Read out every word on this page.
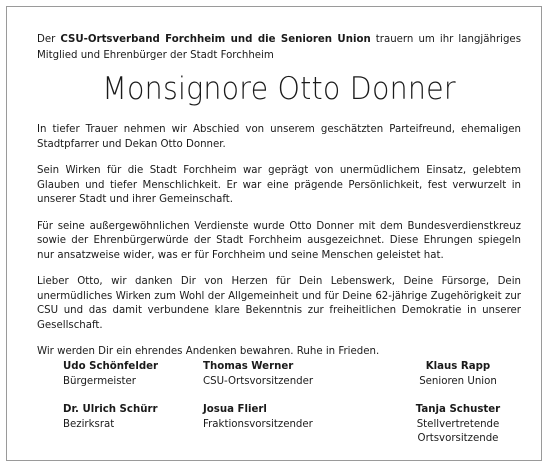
Der CSU-Ortsverband Forchheim und die Senioren Union trauern um ihr langjähriges Mitglied und Ehrenbürger der Stadt Forchheim
Monsignore Otto Donner

In tiefer Trauer nehmen wir Abschied von unserem geschätzten Parteifreund, ehemaligen Stadtpfarrer und Dekan Otto Donner.

Sein Wirken für die Stadt Forchheim war geprägt von unermüdlichem Einsatz, gelebtem Glauben und tiefer Menschlichkeit. Er war eine prägende Persönlichkeit, fest verwurzelt in unserer Stadt und ihrer Gemeinschaft.

Für seine außergewöhnlichen Verdienste wurde Otto Donner mit dem Bundesverdienstkreuz sowie der Ehrenbürgerwürde der Stadt Forchheim ausgezeichnet. Diese Ehrungen spiegeln nur ansatzweise wider, was er für Forchheim und seine Menschen geleistet hat.

Lieber Otto, wir danken Dir von Herzen für Dein Lebenswerk, Deine Fürsorge, Dein unermüdliches Wirken zum Wohl der Allgemeinheit und für Deine 62-jährige Zugehörigkeit zur CSU und das damit verbundene klare Bekenntnis zur freiheitlichen Demokratie in unserer Gesellschaft.

Wir werden Dir ein ehrendes Andenken bewahren. Ruhe in Frieden.

Udo Schönfelder
Bürgermeister
Thomas Werner
CSU-Ortsvorsitzender
Klaus Rapp
Senioren Union
Dr. Ulrich Schürr
Bezirksrat
Josua Flierl
Fraktionsvorsitzender
Tanja Schuster
Stellvertretende
Ortsvorsitzende
